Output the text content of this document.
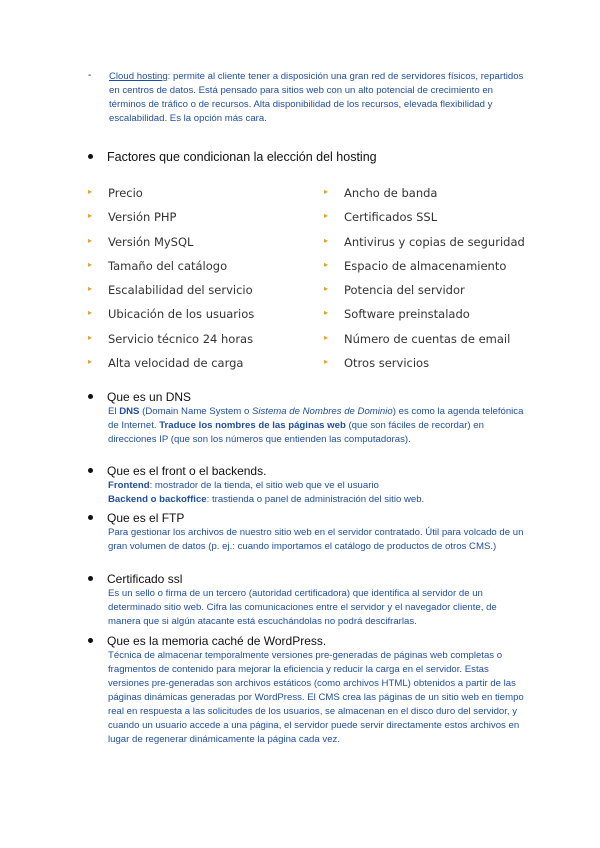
- Cloud hosting: permite al cliente tener a disposición una gran red de servidores físicos, repartidos en centros de datos. Está pensado para sitios web con un alto potencial de crecimiento en términos de tráfico o de recursos. Alta disponibilidad de los recursos, elevada flexibilidad y escalabilidad. Es la opción más cara.
Factores que condicionan la elección del hosting
▸ Precio
▸ Versión PHP
▸ Versión MySQL
▸ Tamaño del catálogo
▸ Escalabilidad del servicio
▸ Ubicación de los usuarios
▸ Servicio técnico 24 horas
▸ Alta velocidad de carga
▸ Ancho de banda
▸ Certificados SSL
▸ Antivirus y copias de seguridad
▸ Espacio de almacenamiento
▸ Potencia del servidor
▸ Software preinstalado
▸ Número de cuentas de email
▸ Otros servicios
Que es un DNS
El DNS (Domain Name System o Sistema de Nombres de Dominio) es como la agenda telefónica de Internet. Traduce los nombres de las páginas web (que son fáciles de recordar) en direcciones IP (que son los números que entienden las computadoras).
Que es el front o el backends.
Frontend: mostrador de la tienda, el sitio web que ve el usuario
Backend o backoffice: trastienda o panel de administración del sitio web.
Que es el FTP
Para gestionar los archivos de nuestro sitio web en el servidor contratado. Útil para volcado de un gran volumen de datos (p. ej.: cuando importamos el catálogo de productos de otros CMS.)
Certificado ssl
Es un sello o firma de un tercero (autoridad certificadora) que identifica al servidor de un determinado sitio web. Cifra las comunicaciones entre el servidor y el navegador cliente, de manera que si algún atacante está escuchándolas no podrá descifrarlas.
Que es la memoria caché de WordPress.
Técnica de almacenar temporalmente versiones pre-generadas de páginas web completas o fragmentos de contenido para mejorar la eficiencia y reducir la carga en el servidor. Estas versiones pre-generadas son archivos estáticos (como archivos HTML) obtenidos a partir de las páginas dinámicas generadas por WordPress. El CMS crea las páginas de un sitio web en tiempo real en respuesta a las solicitudes de los usuarios, se almacenan en el disco duro del servidor, y cuando un usuario accede a una página, el servidor puede servir directamente estos archivos en lugar de regenerar dinámicamente la página cada vez.
